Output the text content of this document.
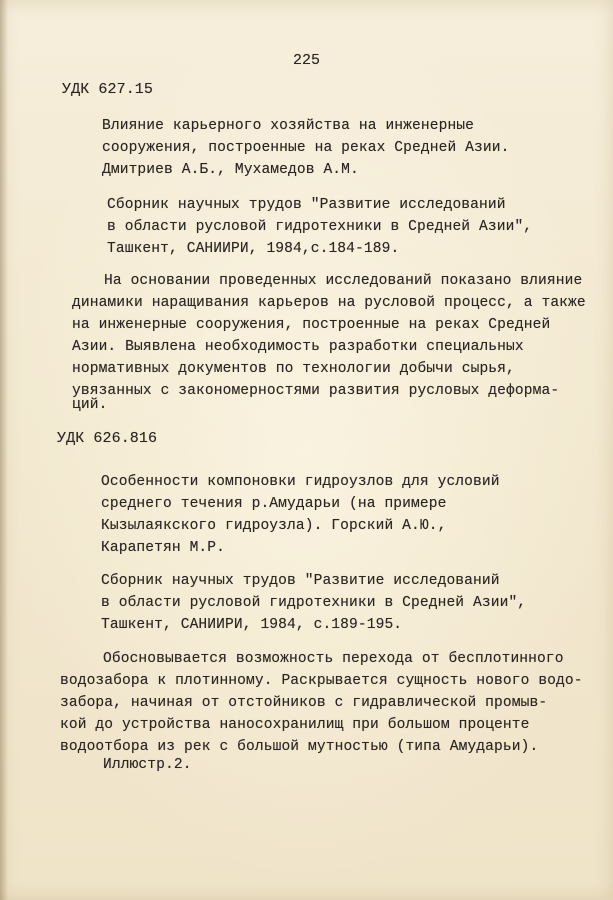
225
УДК 627.15
Влияние карьерного хозяйства на инженерные
сооружения, построенные на реках Средней Азии.
Дмитриев А.Б., Мухамедов А.М.
Сборник научных трудов "Развитие исследований
в области русловой гидротехники в Средней Азии",
Ташкент, САНИИРИ, 1984,с.184-189.
На основании проведенных исследований показано влияние
динамики наращивания карьеров на русловой процесс, а также
на инженерные сооружения, построенные на реках Средней
Азии. Выявлена необходимость разработки специальных
нормативных документов по технологии добычи сырья,
увязанных с закономерностями развития русловых деформа-
ций.
УДК 626.816
Особенности компоновки гидроузлов для условий
среднего течения р.Амударьи (на примере
Кызылаякского гидроузла). Горский А.Ю.,
Карапетян М.Р.
Сборник научных трудов "Развитие исследований
в области русловой гидротехники в Средней Азии",
Ташкент, САНИИРИ, 1984, с.189-195.
Обосновывается возможность перехода от бесплотинного
водозабора к плотинному. Раскрывается сущность нового водо-
забора, начиная от отстойников с гидравлической промыв-
кой до устройства наносохранилищ при большом проценте
водоотбора из рек с большой мутностью (типа Амударьи).
Иллюстр.2.
